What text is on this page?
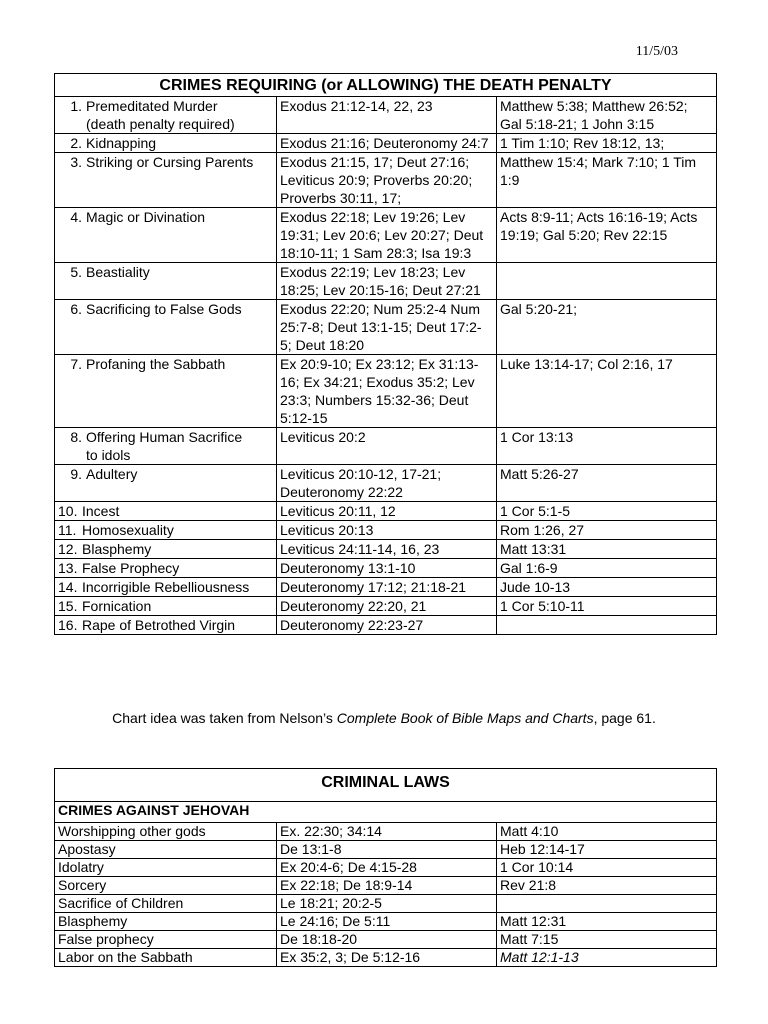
11/5/03
CRIMES REQUIRING (or ALLOWING) THE DEATH PENALTY		

1. Premeditated Murder
(death penalty required)	Exodus 21:12-14, 22, 23	Matthew 5:38; Matthew 26:52; Gal 5:18-21; 1 John 3:15

2. Kidnapping	Exodus 21:16; Deuteronomy 24:7	1 Tim 1:10; Rev 18:12, 13;

3. Striking or Cursing Parents	Exodus 21:15, 17; Deut 27:16; Leviticus 20:9; Proverbs 20:20; Proverbs 30:11, 17;	Matthew 15:4; Mark 7:10; 1 Tim 1:9

4. Magic or Divination	Exodus 22:18; Lev 19:26; Lev 19:31; Lev 20:6; Lev 20:27; Deut 18:10-11; 1 Sam 28:3; Isa 19:3	Acts 8:9-11; Acts 16:16-19; Acts 19:19; Gal 5:20; Rev 22:15

5. Beastiality	Exodus 22:19; Lev 18:23; Lev 18:25; Lev 20:15-16; Deut 27:21	

6. Sacrificing to False Gods	Exodus 22:20; Num 25:2-4 Num 25:7-8; Deut 13:1-15; Deut 17:2-5; Deut 18:20	Gal 5:20-21;

7. Profaning the Sabbath	Ex 20:9-10; Ex 23:12; Ex 31:13-16; Ex 34:21; Exodus 35:2; Lev 23:3; Numbers 15:32-36; Deut 5:12-15	Luke 13:14-17; Col 2:16, 17

8. Offering Human Sacrifice
to idols	Leviticus 20:2	1 Cor 13:13

9. Adultery	Leviticus 20:10-12, 17-21; Deuteronomy 22:22	Matt 5:26-27

10. Incest	Leviticus 20:11, 12	1 Cor 5:1-5

11. Homosexuality	Leviticus 20:13	Rom 1:26, 27

12. Blasphemy	Leviticus 24:11-14, 16, 23	Matt 13:31

13. False Prophecy	Deuteronomy 13:1-10	Gal 1:6-9

14. Incorrigible Rebelliousness	Deuteronomy 17:12; 21:18-21	Jude 10-13

15. Fornication	Deuteronomy 22:20, 21	1 Cor 5:10-11

16. Rape of Betrothed Virgin	Deuteronomy 22:23-27	
Chart idea was taken from Nelson’s Complete Book of Bible Maps and Charts, page 61.
CRIMINAL LAWS		
CRIMES AGAINST JEHOVAH		
Worshipping other gods	Ex. 22:30; 34:14	Matt 4:10
Apostasy	De 13:1-8	Heb 12:14-17
Idolatry	Ex 20:4-6; De 4:15-28	1 Cor 10:14
Sorcery	Ex 22:18; De 18:9-14	Rev 21:8
Sacrifice of Children	Le 18:21; 20:2-5	
Blasphemy	Le 24:16; De 5:11	Matt 12:31
False prophecy	De 18:18-20	Matt 7:15
Labor on the Sabbath	Ex 35:2, 3; De 5:12-16	Matt 12:1-13
